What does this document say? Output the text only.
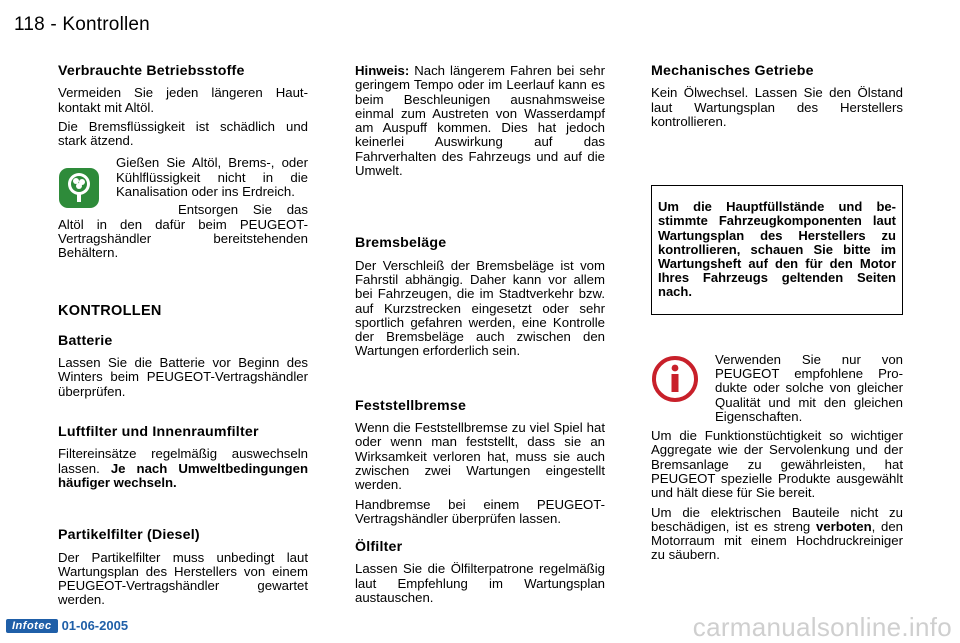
118 - Kontrollen
Verbrauchte Betriebsstoffe

Vermeiden Sie jeden längeren Hautkontakt mit Altöl.

Die Bremsflüssigkeit ist schädlich und stark ätzend.

Gießen Sie Altöl, Brems-, oder Kühlflüssigkeit nicht in die Kanalisation oder ins Erdreich.

Entsorgen Sie das Altöl in den dafür beim PEUGEOT-Vertragshändler bereitstehenden Behältern.

KONTROLLEN
Batterie

Lassen Sie die Batterie vor Beginn des Winters beim PEUGEOT-Vertragshändler überprüfen.

Luftfilter und Innenraumfilter

Filtereinsätze regelmäßig auswechseln lassen. Je nach Umweltbedingungen häufiger wechseln.

Partikelfilter (Diesel)

Der Partikelfilter muss unbedingt laut Wartungsplan des Herstellers von einem PEUGEOT-Vertragshändler gewartet werden.

Hinweis: Nach längerem Fahren bei sehr geringem Tempo oder im Leerlauf kann es beim Beschleunigen ausnahmsweise einmal zum Austreten von Wasserdampf am Auspuff kommen. Dies hat jedoch keinerlei Auswirkung auf das Fahrverhalten des Fahrzeugs und auf die Umwelt.

Bremsbeläge

Der Verschleiß der Bremsbeläge ist vom Fahrstil abhängig. Daher kann vor allem bei Fahrzeugen, die im Stadtverkehr bzw. auf Kurzstrecken eingesetzt oder sehr sportlich gefahren werden, eine Kontrolle der Bremsbeläge auch zwischen den Wartungen erforderlich sein.

Feststellbremse

Wenn die Feststellbremse zu viel Spiel hat oder wenn man feststellt, dass sie an Wirksamkeit verloren hat, muss sie auch zwischen zwei Wartungen eingestellt werden.

Handbremse bei einem PEUGEOT-Vertragshändler überprüfen lassen.

Ölfilter

Lassen Sie die Ölfilterpatrone regelmäßig laut Empfehlung im Wartungsplan austauschen.

Mechanisches Getriebe

Kein Ölwechsel. Lassen Sie den Ölstand laut Wartungsplan des Herstellers kontrollieren.

Um die Hauptfüllstände und bestimmte Fahrzeugkomponenten laut Wartungsplan des Herstellers zu kontrollieren, schauen Sie bitte im Wartungsheft auf den für den Motor Ihres Fahrzeugs geltenden Seiten nach.

Verwenden Sie nur von PEUGEOT empfohlene Produkte oder solche von gleicher Qualität und mit den gleichen Eigenschaften.

Um die Funktionstüchtigkeit so wichtiger Aggregate wie der Servolenkung und der Bremsanlage zu gewährleisten, hat PEUGEOT spezielle Produkte ausgewählt und hält diese für Sie bereit.

Um die elektrischen Bauteile nicht zu beschädigen, ist es streng verboten, den Motorraum mit einem Hochdruckreiniger zu säubern.

Infotec 01-06-2005	carmanualsonline.info
